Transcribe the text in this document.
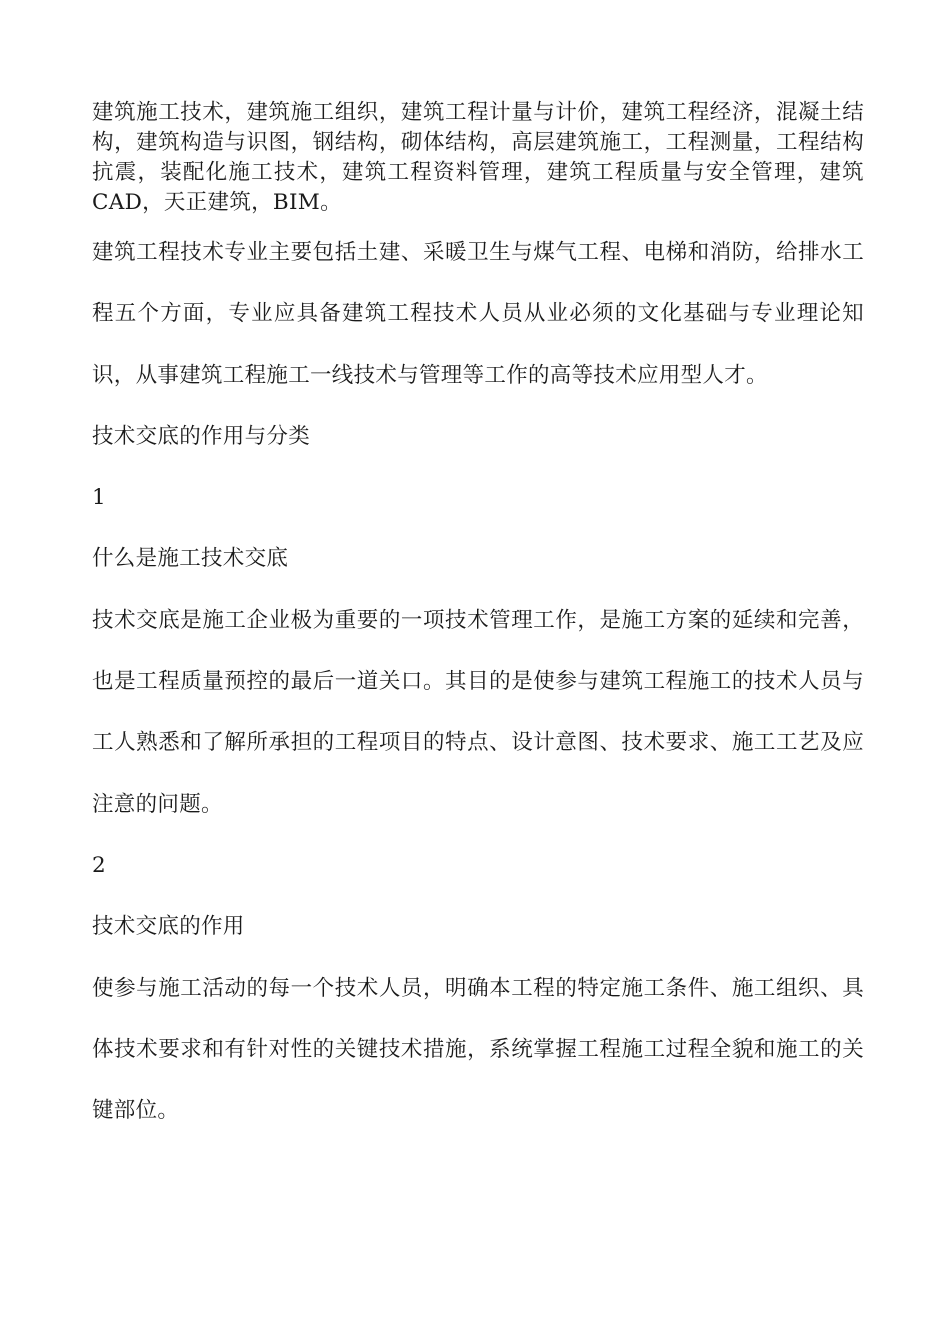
建筑施工技术，建筑施工组织，建筑工程计量与计价，建筑工程经济，混凝土结构，建筑构造与识图，钢结构，砌体结构，高层建筑施工，工程测量，工程结构抗震，装配化施工技术，建筑工程资料管理，建筑工程质量与安全管理，建筑CAD，天正建筑，BIM。

建筑工程技术专业主要包括土建、采暖卫生与煤气工程、电梯和消防，给排水工程五个方面，专业应具备建筑工程技术人员从业必须的文化基础与专业理论知识，从事建筑工程施工一线技术与管理等工作的高等技术应用型人才。

技术交底的作用与分类

1

什么是施工技术交底

技术交底是施工企业极为重要的一项技术管理工作，是施工方案的延续和完善，也是工程质量预控的最后一道关口。其目的是使参与建筑工程施工的技术人员与工人熟悉和了解所承担的工程项目的特点、设计意图、技术要求、施工工艺及应注意的问题。

2

技术交底的作用

使参与施工活动的每一个技术人员，明确本工程的特定施工条件、施工组织、具体技术要求和有针对性的关键技术措施，系统掌握工程施工过程全貌和施工的关键部位。
